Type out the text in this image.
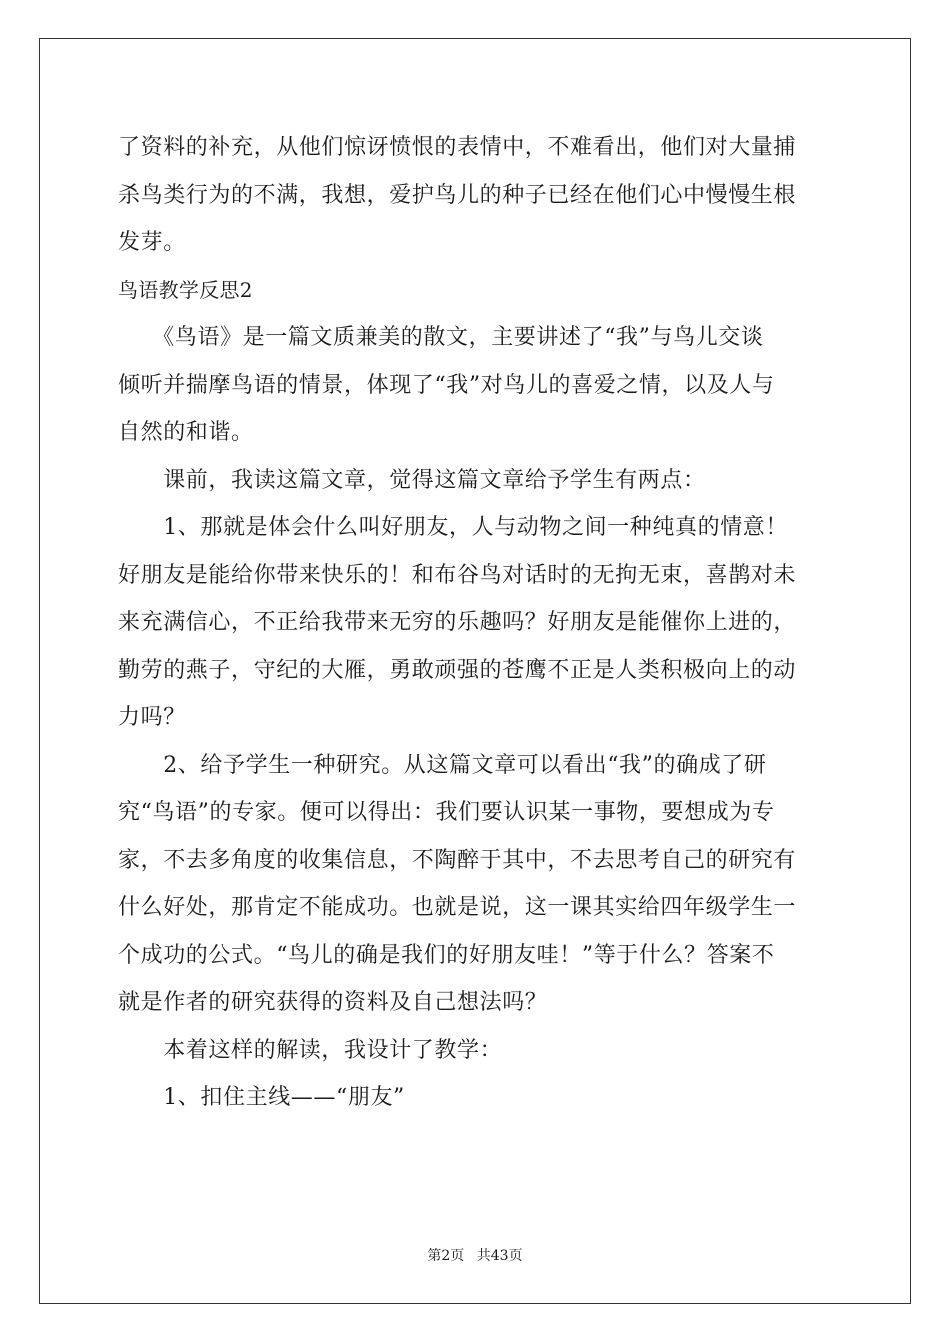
了资料的补充，从他们惊讶愤恨的表情中，不难看出，他们对大量捕
杀鸟类行为的不满，我想，爱护鸟儿的种子已经在他们心中慢慢生根
发芽。
鸟语教学反思2
　　《鸟语》是一篇文质兼美的散文，主要讲述了“我”与鸟儿交谈
倾听并揣摩鸟语的情景，体现了“我”对鸟儿的喜爱之情，以及人与
自然的和谐。
　　课前，我读这篇文章，觉得这篇文章给予学生有两点：
　　1、那就是体会什么叫好朋友，人与动物之间一种纯真的情意！
好朋友是能给你带来快乐的！和布谷鸟对话时的无拘无束，喜鹊对未
来充满信心，不正给我带来无穷的乐趣吗？好朋友是能催你上进的，
勤劳的燕子，守纪的大雁，勇敢顽强的苍鹰不正是人类积极向上的动
力吗？
　　2、给予学生一种研究。从这篇文章可以看出“我”的确成了研
究“鸟语”的专家。便可以得出：我们要认识某一事物，要想成为专
家，不去多角度的收集信息，不陶醉于其中，不去思考自己的研究有
什么好处，那肯定不能成功。也就是说，这一课其实给四年级学生一
个成功的公式。“鸟儿的确是我们的好朋友哇！”等于什么？答案不
就是作者的研究获得的资料及自己想法吗？
　　本着这样的解读，我设计了教学：
　　1、扣住主线——“朋友”
第2页 共43页
